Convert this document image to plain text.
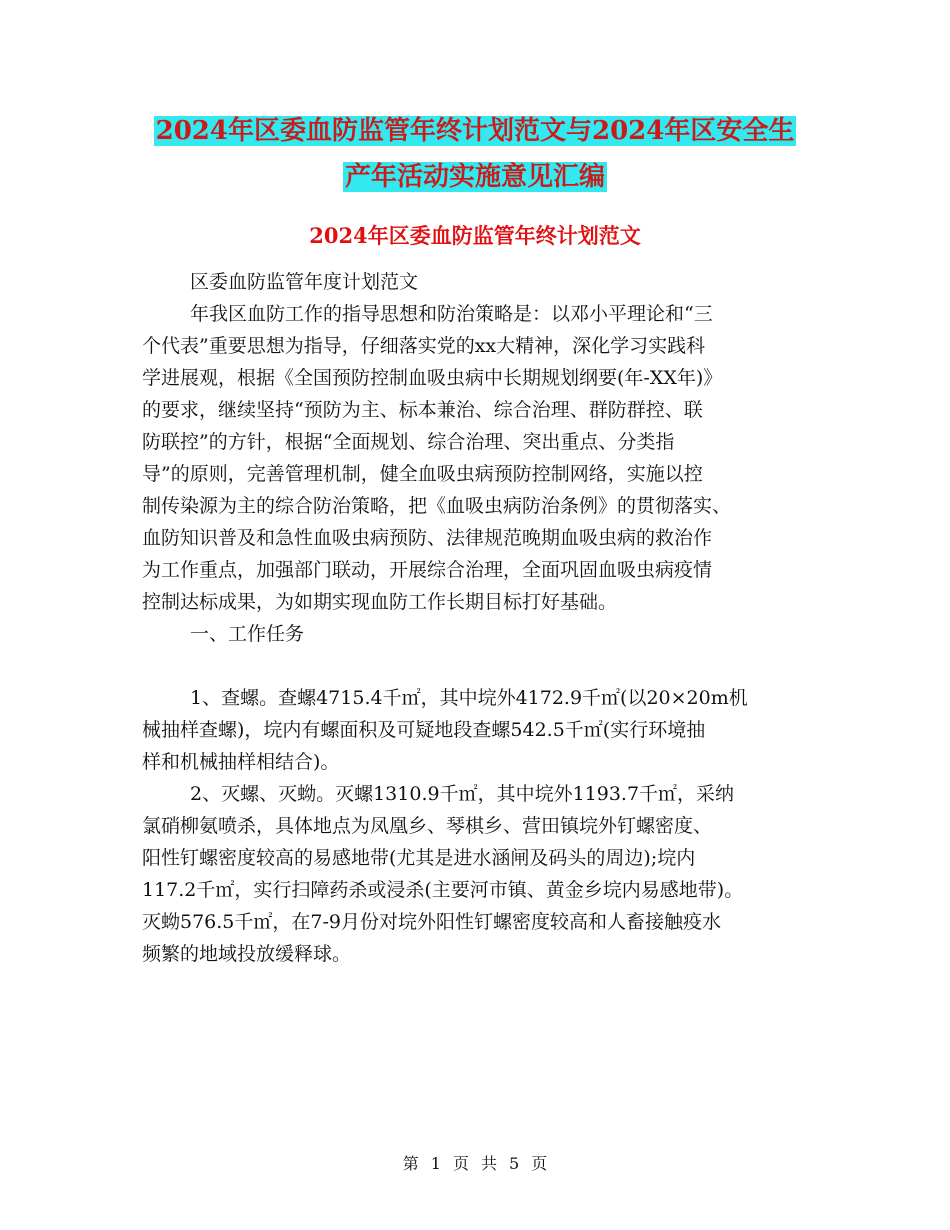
2024年区委血防监管年终计划范文与2024年区安全生
产年活动实施意见汇编
2024年区委血防监管年终计划范文
区委血防监管年度计划范文
年我区血防工作的指导思想和防治策略是：以邓小平理论和“三
个代表”重要思想为指导，仔细落实党的xx大精神，深化学习实践科
学进展观，根据《全国预防控制血吸虫病中长期规划纲要(年-XX年)》
的要求，继续坚持“预防为主、标本兼治、综合治理、群防群控、联
防联控”的方针，根据“全面规划、综合治理、突出重点、分类指
导”的原则，完善管理机制，健全血吸虫病预防控制网络，实施以控
制传染源为主的综合防治策略，把《血吸虫病防治条例》的贯彻落实、
血防知识普及和急性血吸虫病预防、法律规范晚期血吸虫病的救治作
为工作重点，加强部门联动，开展综合治理，全面巩固血吸虫病疫情
控制达标成果，为如期实现血防工作长期目标打好基础。
一、工作任务
1、查螺。查螺4715.4千㎡，其中垸外4172.9千㎡(以20×20m机
械抽样查螺)，垸内有螺面积及可疑地段查螺542.5千㎡(实行环境抽
样和机械抽样相结合)。
2、灭螺、灭蚴。灭螺1310.9千㎡，其中垸外1193.7千㎡，采纳
氯硝柳氨喷杀，具体地点为凤凰乡、琴棋乡、营田镇垸外钉螺密度、
阳性钉螺密度较高的易感地带(尤其是进水涵闸及码头的周边);垸内
117.2千㎡，实行扫障药杀或浸杀(主要河市镇、黄金乡垸内易感地带)。
灭蚴576.5千㎡，在7-9月份对垸外阳性钉螺密度较高和人畜接触疫水
频繁的地域投放缓释球。
第 1 页 共 5 页
